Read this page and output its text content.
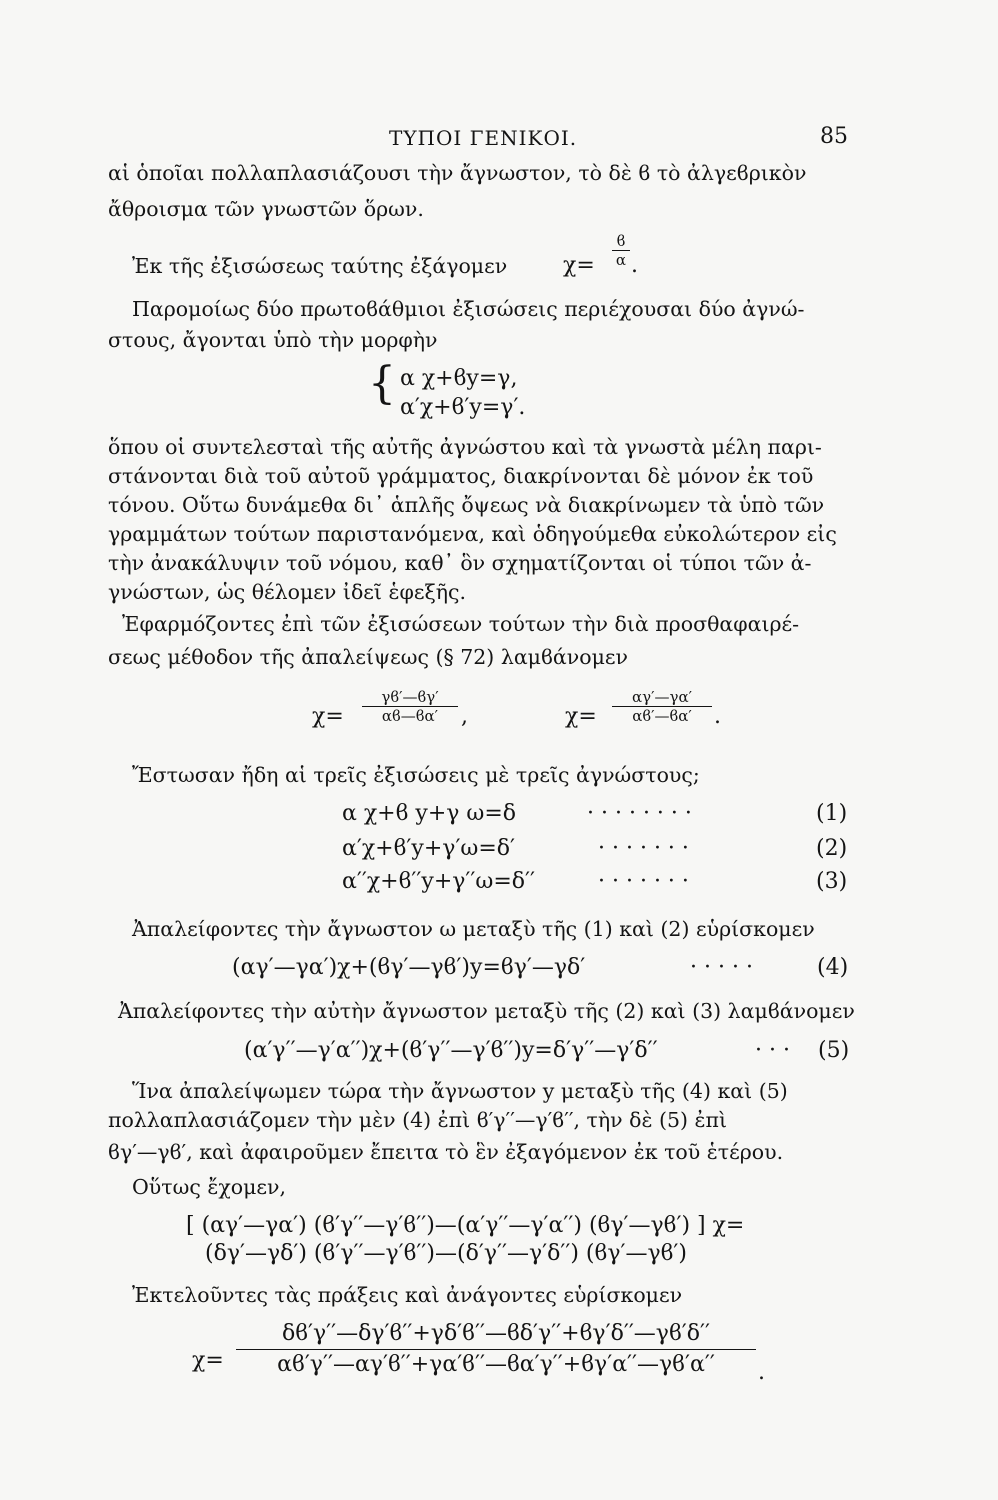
ΤΥΠΟΙ ΓΕΝΙΚΟΙ.	85
αἱ ὁποῖαι πολλαπλασιάζουσι τὴν ἄγνωστον, τὸ δὲ ϐ τὸ ἀλγεϐρικὸν
ἄθροισμα τῶν γνωστῶν ὅρων.
Ἐκ τῆς ἐξισώσεως ταύτης ἐξάγομεν	χ=
ϐ
α .
Παρομοίως δύο πρωτοϐάθμιοι ἐξισώσεις περιέχουσαι δύο ἀγνώ-
στους, ἄγονται ὑπὸ τὴν μορφὴν
{ α χ+ϐy=γ,
α′χ+ϐ′y=γ′.
ὅπου οἱ συντελεσταὶ τῆς αὐτῆς ἀγνώστου καὶ τὰ γνωστὰ μέλη παρι-
στάνονται διὰ τοῦ αὐτοῦ γράμματος, διακρίνονται δὲ μόνον ἐκ τοῦ
τόνου. Οὕτω δυνάμεθα δι᾽ ἁπλῆς ὄψεως νὰ διακρίνωμεν τὰ ὑπὸ τῶν
γραμμάτων τούτων παριστανόμενα, καὶ ὁδηγούμεθα εὐκολώτερον εἰς
τὴν ἀνακάλυψιν τοῦ νόμου, καθ᾽ ὃν σχηματίζονται οἱ τύποι τῶν ἀ-
γνώστων, ὡς θέλομεν ἰδεῖ ἑφεξῆς.
Ἐφαρμόζοντες ἐπὶ τῶν ἐξισώσεων τούτων τὴν διὰ προσθαφαιρέ-
σεως μέθοδον τῆς ἀπαλείψεως (§ 72) λαμϐάνομεν
χ=
γϐ′—ϐγ′
αϐ—ϐα′	,	χ=
αγ′—γα′
αϐ′—ϐα′	.
Ἔστωσαν ἤδη αἱ τρεῖς ἐξισώσεις μὲ τρεῖς ἀγνώστους;
α χ+ϐ y+γ ω=δ	· · · · · · · ·	(1)
α′χ+ϐ′y+γ′ω=δ′	· · · · · · ·	(2)
α′′χ+ϐ′′y+γ′′ω=δ′′	· · · · · · ·	(3)
Ἀπαλείφοντες τὴν ἄγνωστον ω μεταξὺ τῆς (1) καὶ (2) εὑρίσκομεν
(αγ′—γα′)χ+(ϐγ′—γϐ′)y=ϐγ′—γδ′	· · · · ·	(4)
Ἀπαλείφοντες τὴν αὐτὴν ἄγνωστον μεταξὺ τῆς (2) καὶ (3) λαμϐάνομεν
(α′γ′′—γ′α′′)χ+(ϐ′γ′′—γ′ϐ′′)y=δ′γ′′—γ′δ′′	· · · (5)
Ἵνα ἀπαλείψωμεν τώρα τὴν ἄγνωστον y μεταξὺ τῆς (4) καὶ (5)
πολλαπλασιάζομεν τὴν μὲν (4) ἐπὶ ϐ′γ′′—γ′ϐ′′, τὴν δὲ (5) ἐπὶ
ϐγ′—γϐ′, καὶ ἀφαιροῦμεν ἔπειτα τὸ ἓν ἐξαγόμενον ἐκ τοῦ ἑτέρου.
Οὕτως ἔχομεν,
[ (αγ′—γα′) (ϐ′γ′′—γ′ϐ′′)—(α′γ′′—γ′α′′) (ϐγ′—γϐ′) ] χ=
(δγ′—γδ′) (ϐ′γ′′—γ′ϐ′′)—(δ′γ′′—γ′δ′′) (ϐγ′—γϐ′)
Ἐκτελοῦντες τὰς πράξεις καὶ ἀνάγοντες εὑρίσκομεν
χ=
δϐ′γ′′—δγ′ϐ′′+γδ′ϐ′′—ϐδ′γ′′+ϐγ′δ′′—γϐ′δ′′
αϐ′γ′′—αγ′ϐ′′+γα′ϐ′′—ϐα′γ′′+ϐγ′α′′—γϐ′α′′	.
